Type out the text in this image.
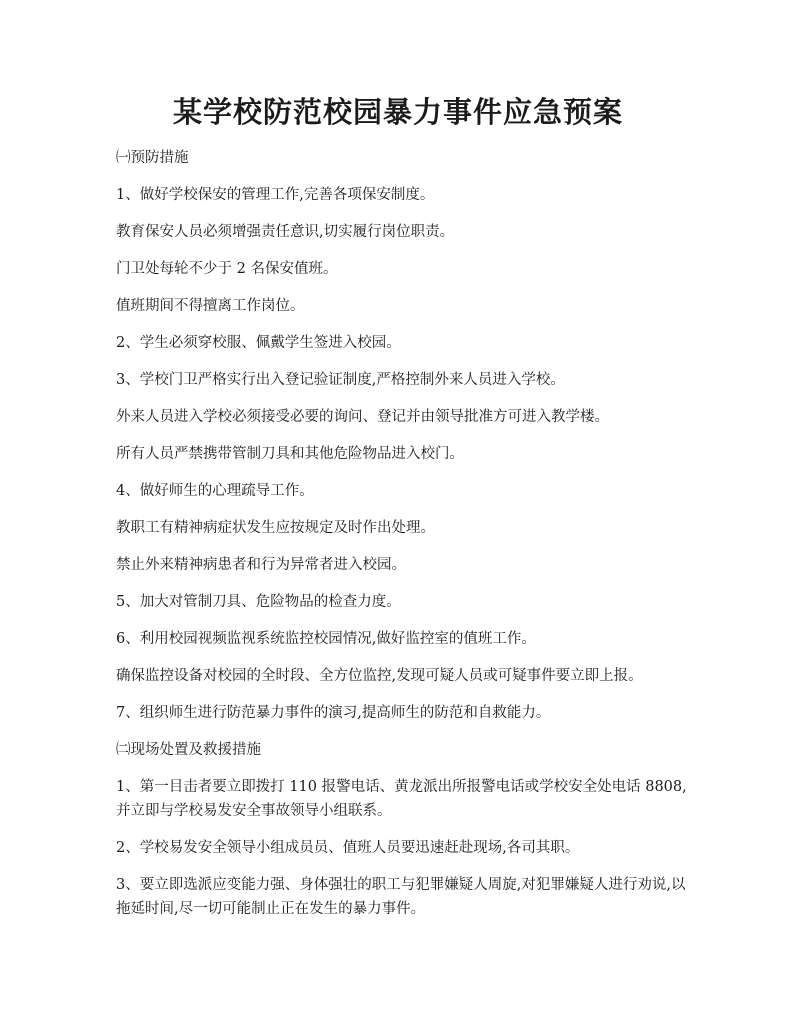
某学校防范校园暴力事件应急预案

㈠预防措施

1、做好学校保安的管理工作,完善各项保安制度。

教育保安人员必须增强责任意识,切实履行岗位职责。

门卫处每轮不少于 2 名保安值班。

值班期间不得擅离工作岗位。

2、学生必须穿校服、佩戴学生签进入校园。

3、学校门卫严格实行出入登记验证制度,严格控制外来人员进入学校。

外来人员进入学校必须接受必要的询问、登记并由领导批准方可进入教学楼。

所有人员严禁携带管制刀具和其他危险物品进入校门。

4、做好师生的心理疏导工作。

教职工有精神病症状发生应按规定及时作出处理。

禁止外来精神病患者和行为异常者进入校园。

5、加大对管制刀具、危险物品的检查力度。

6、利用校园视频监视系统监控校园情况,做好监控室的值班工作。

确保监控设备对校园的全时段、全方位监控,发现可疑人员或可疑事件要立即上报。

7、组织师生进行防范暴力事件的演习,提高师生的防范和自救能力。

㈡现场处置及救援措施

1、第一目击者要立即拨打 110 报警电话、黄龙派出所报警电话或学校安全处电话 8808,并立即与学校易发安全事故领导小组联系。

2、学校易发安全领导小组成员员、值班人员要迅速赶赴现场,各司其职。

3、要立即选派应变能力强、身体强壮的职工与犯罪嫌疑人周旋,对犯罪嫌疑人进行劝说,以拖延时间,尽一切可能制止正在发生的暴力事件。
